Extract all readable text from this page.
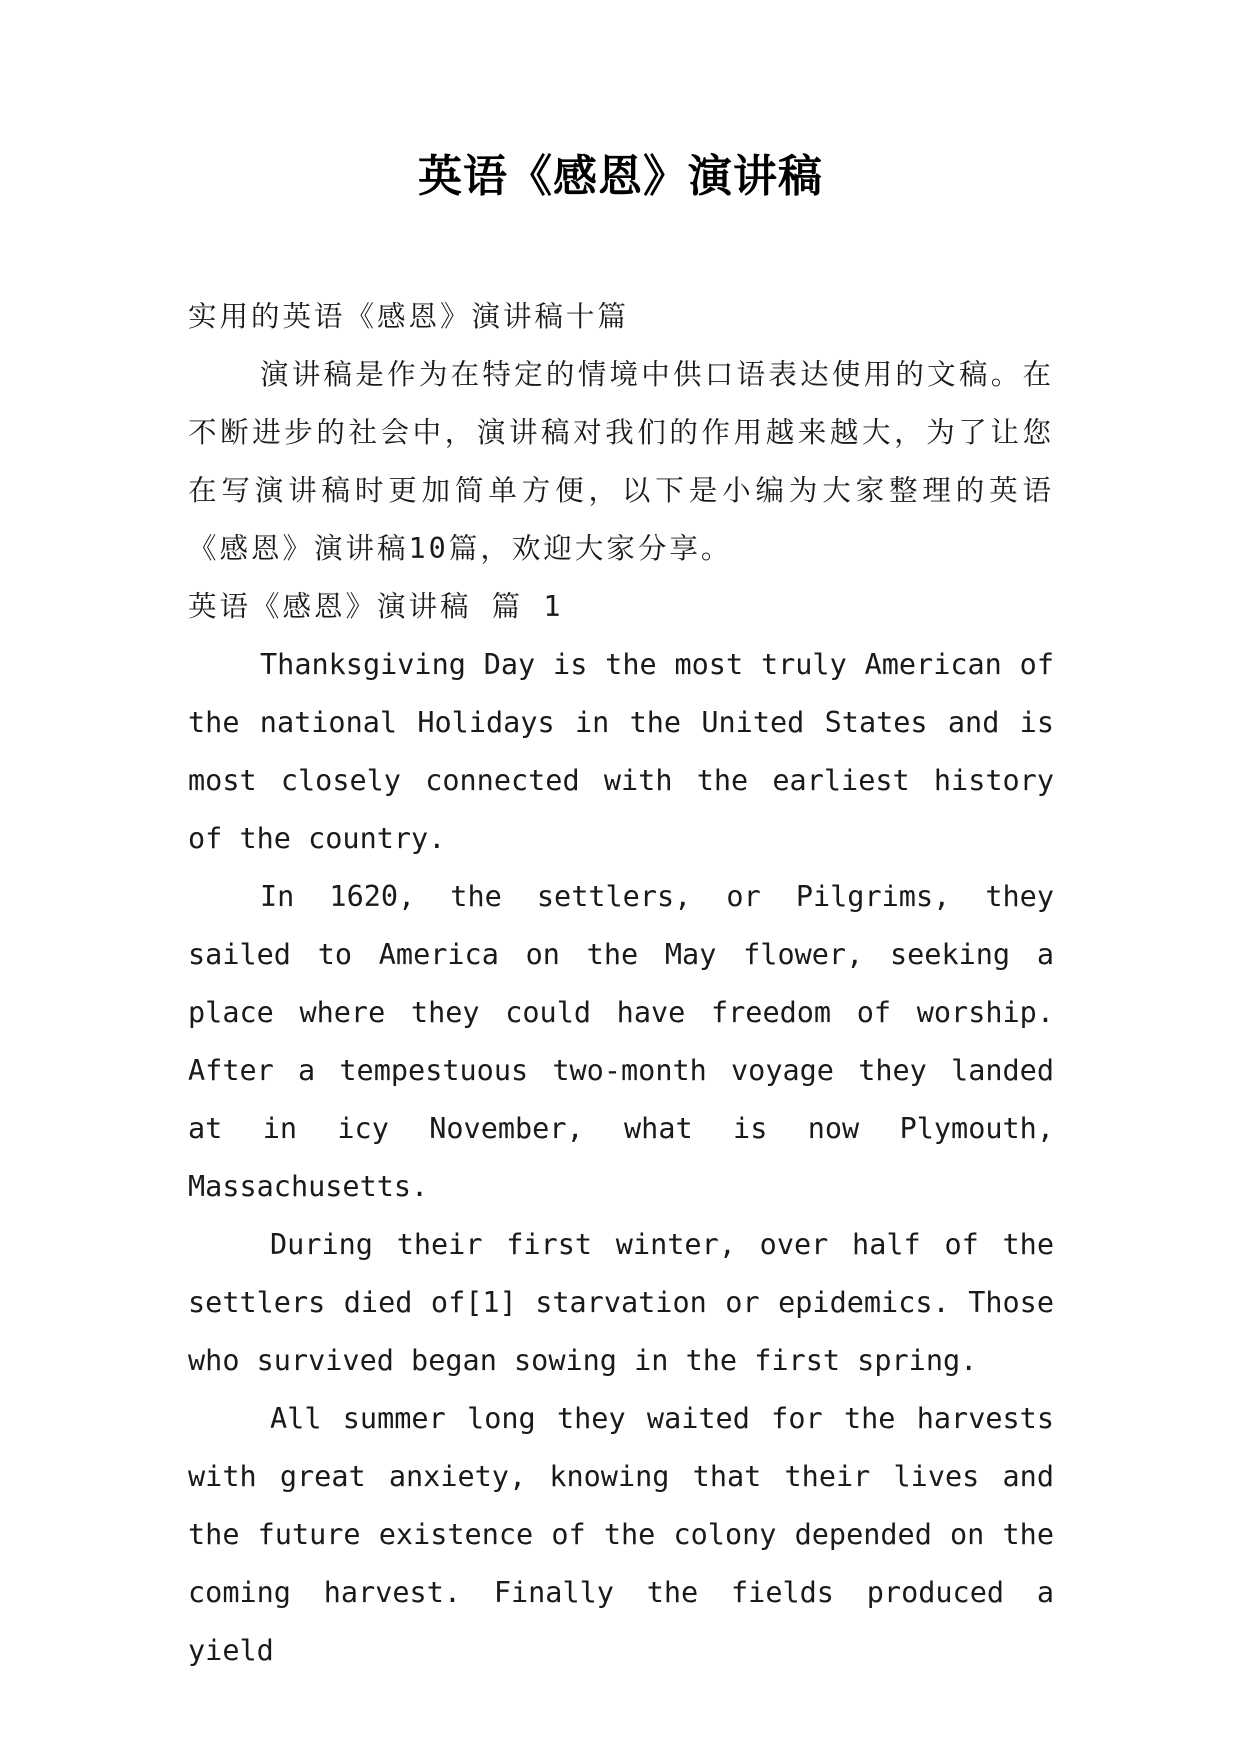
英语《感恩》演讲稿

实用的英语《感恩》演讲稿十篇

演讲稿是作为在特定的情境中供口语表达使用的文稿。在不断进步的社会中，演讲稿对我们的作用越来越大，为了让您在写演讲稿时更加简单方便，以下是小编为大家整理的英语《感恩》演讲稿10篇，欢迎大家分享。

英语《感恩》演讲稿 篇 1

Thanksgiving Day is the most truly American of the national Holidays in the United States and is most closely connected with the earliest history of the country.

In 1620, the settlers, or Pilgrims, they sailed to America on the May flower, seeking a place where they could have freedom of worship. After a tempestuous two-month voyage they landed at in icy November, what is now Plymouth, Massachusetts.

During their first winter, over half of the settlers died of[1] starvation or epidemics. Those who survived began sowing in the first spring.

All summer long they waited for the harvests with great anxiety, knowing that their lives and the future existence of the colony depended on the coming harvest. Finally the fields produced a yield
